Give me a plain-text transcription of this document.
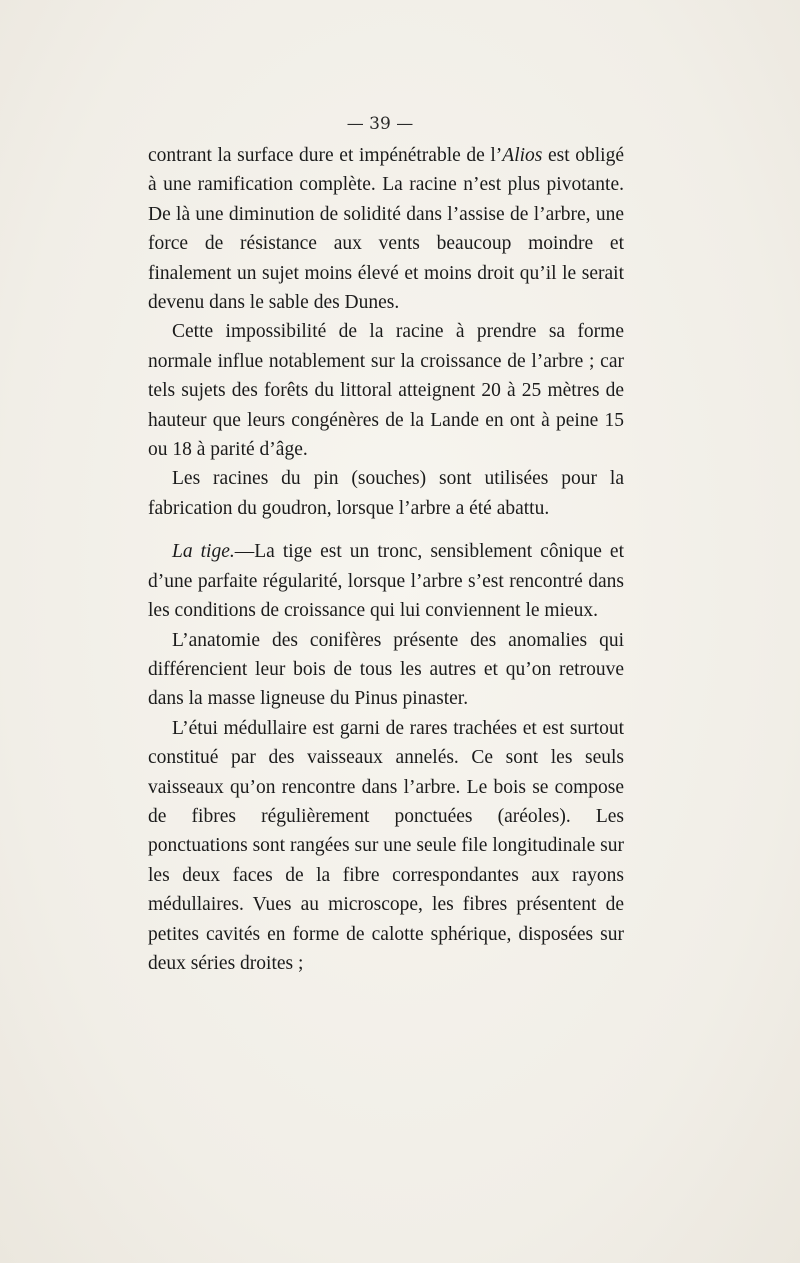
— 39 —

contrant la surface dure et impénétrable de l’Alios est obligé à une ramification complète. La racine n’est plus pivotante. De là une diminution de solidité dans l’assise de l’arbre, une force de résistance aux vents beaucoup moindre et finalement un sujet moins élevé et moins droit qu’il le serait devenu dans le sable des Dunes.

Cette impossibilité de la racine à prendre sa forme normale influe notablement sur la croissance de l’arbre ; car tels sujets des forêts du littoral atteignent 20 à 25 mètres de hauteur que leurs congénères de la Lande en ont à peine 15 ou 18 à parité d’âge.

Les racines du pin (souches) sont utilisées pour la fabrication du goudron, lorsque l’arbre a été abattu.

La tige.—La tige est un tronc, sensiblement cônique et d’une parfaite régularité, lorsque l’arbre s’est rencontré dans les conditions de croissance qui lui conviennent le mieux.

L’anatomie des conifères présente des anomalies qui différencient leur bois de tous les autres et qu’on retrouve dans la masse ligneuse du Pinus pinaster.

L’étui médullaire est garni de rares trachées et est surtout constitué par des vaisseaux annelés. Ce sont les seuls vaisseaux qu’on rencontre dans l’arbre. Le bois se compose de fibres régulièrement ponctuées (aréoles). Les ponctuations sont rangées sur une seule file longitudinale sur les deux faces de la fibre correspondantes aux rayons médullaires. Vues au microscope, les fibres présentent de petites cavités en forme de calotte sphérique, disposées sur deux séries droites ;
